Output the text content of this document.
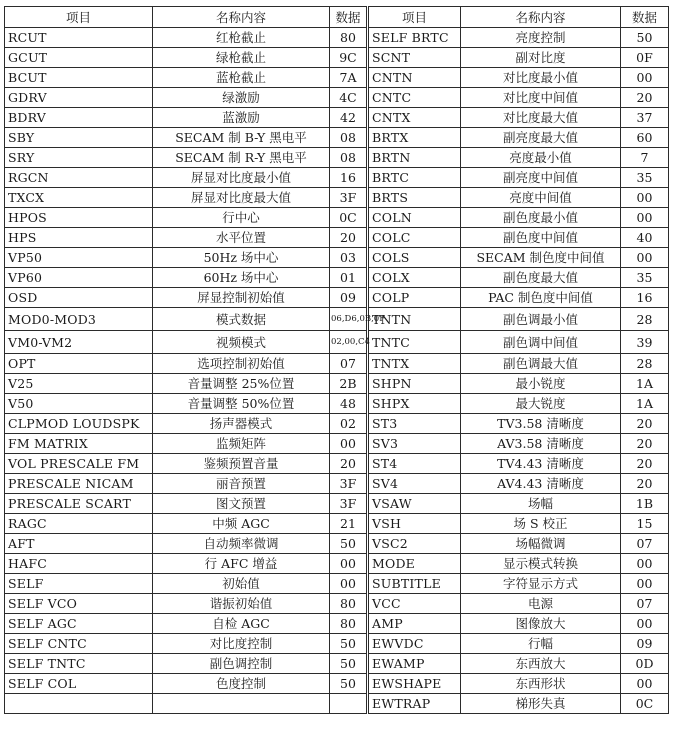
项目	名称内容	数据	项目	名称内容	数据
RCUT	红枪截止	80	SELF BRTC	亮度控制	50
GCUT	绿枪截止	9C	SCNT	副对比度	0F
BCUT	蓝枪截止	7A	CNTN	对比度最小值	00
GDRV	绿激励	4C	CNTC	对比度中间值	20
BDRV	蓝激励	42	CNTX	对比度最大值	37
SBY	SECAM 制 B-Y 黑电平	08	BRTX	副亮度最大值	60
SRY	SECAM 制 R-Y 黑电平	08	BRTN	亮度最小值	7
RGCN	屏显对比度最小值	16	BRTC	副亮度中间值	35
TXCX	屏显对比度最大值	3F	BRTS	亮度中间值	00
HPOS	行中心	0C	COLN	副色度最小值	00
HPS	水平位置	20	COLC	副色度中间值	40
VP50	50Hz 场中心	03	COLS	SECAM 制色度中间值	00
VP60	60Hz 场中心	01	COLX	副色度最大值	35
OSD	屏显控制初始值	09	COLP	PAC 制色度中间值	16
MOD0-MOD3	模式数据	06,D6,0B,0F	TNTN	副色调最小值	28
VM0-VM2	视频模式	02,00,C4	TNTC	副色调中间值	39
OPT	选项控制初始值	07	TNTX	副色调最大值	28
V25	音量调整 25%位置	2B	SHPN	最小锐度	1A
V50	音量调整 50%位置	48	SHPX	最大锐度	1A
CLPMOD LOUDSPK	扬声器模式	02	ST3	TV3.58 清晰度	20
FM MATRIX	监频矩阵	00	SV3	AV3.58 清晰度	20
VOL PRESCALE FM	鉴频预置音量	20	ST4	TV4.43 清晰度	20
PRESCALE NICAM	丽音预置	3F	SV4	AV4.43 清晰度	20
PRESCALE SCART	图文预置	3F	VSAW	场幅	1B
RAGC	中频 AGC	21	VSH	场 S 校正	15
AFT	自动频率微调	50	VSC2	场幅微调	07
HAFC	行 AFC 增益	00	MODE	显示模式转换	00
SELF	初始值	00	SUBTITLE	字符显示方式	00
SELF VCO	谐振初始值	80	VCC	电源	07
SELF AGC	自检 AGC	80	AMP	图像放大	00
SELF CNTC	对比度控制	50	EWVDC	行幅	09
SELF TNTC	副色调控制	50	EWAMP	东西放大	0D
SELF COL	色度控制	50	EWSHAPE	东西形状	00
			EWTRAP	梯形失真	0C
